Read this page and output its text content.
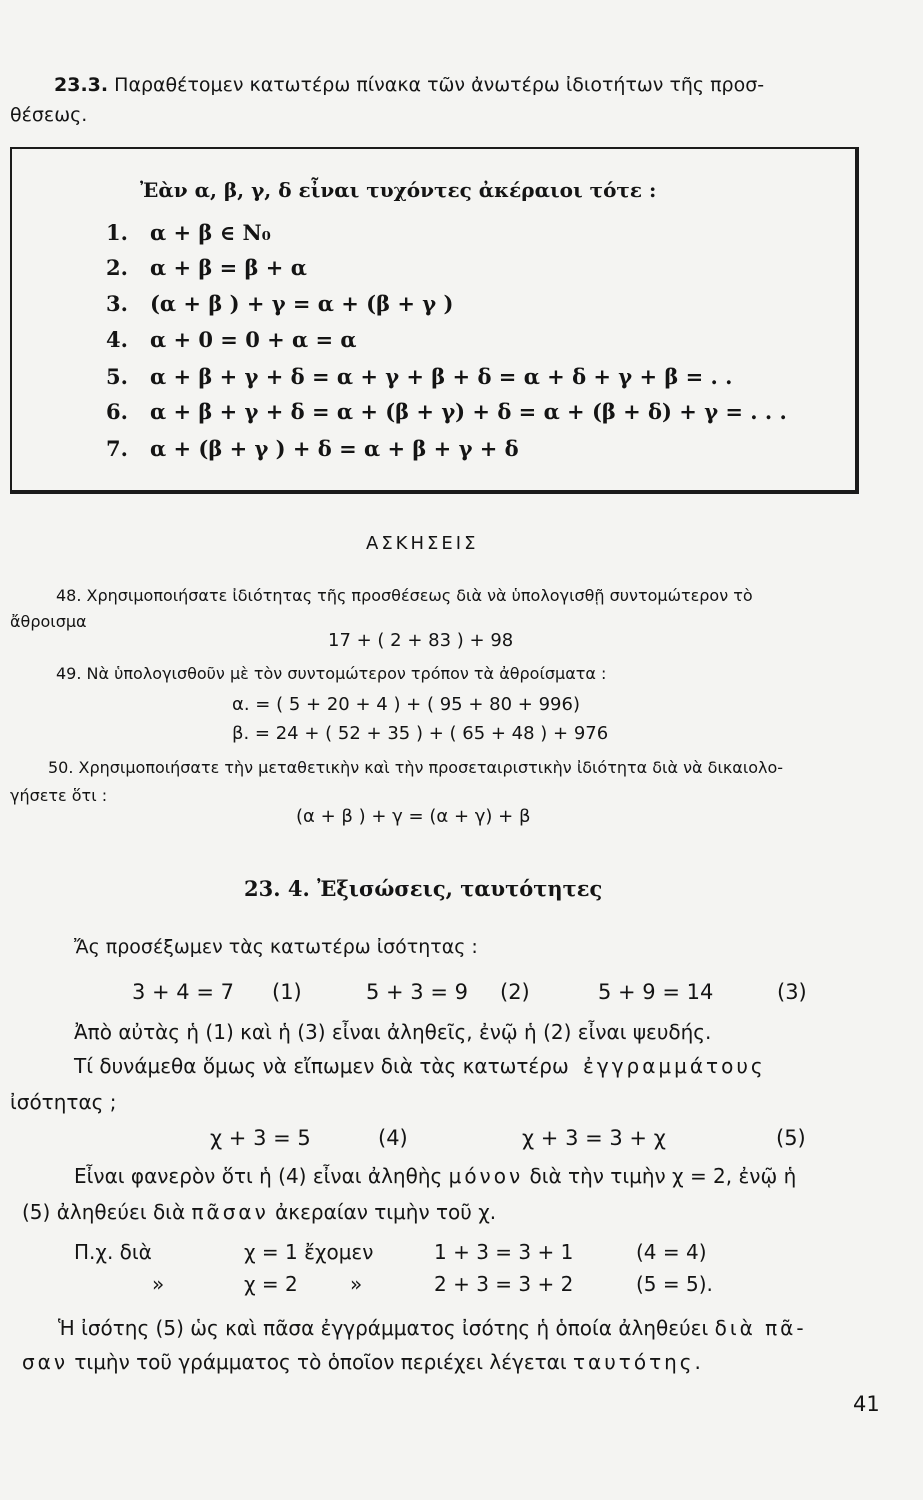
23.3. Παραθέτομεν κατωτέρω πίνακα τῶν ἀνωτέρω ἰδιοτήτων τῆς προσ-
θέσεως.
Ἐὰν α, β, γ, δ εἶναι τυχόντες ἀκέραιοι τότε :
1. α + β ∈ N₀
2. α + β = β + α
3. (α + β ) + γ = α + (β + γ )
4. α + 0 = 0 + α = α
5. α + β + γ + δ = α + γ + β + δ = α + δ + γ + β = . .
6. α + β + γ + δ = α + (β + γ) + δ = α + (β + δ) + γ = . . .
7. α + (β + γ ) + δ = α + β + γ + δ
ΑΣΚΗΣΕΙΣ
48. Χρησιμοποιήσατε ἰδιότητας τῆς προσθέσεως διὰ νὰ ὑπολογισθῇ συντομώτερον τὸ
ἄθροισμα
17 + ( 2 + 83 ) + 98
49. Νὰ ὑπολογισθοῦν μὲ τὸν συντομώτερον τρόπον τὰ ἀθροίσματα :
α. = ( 5 + 20 + 4 ) + ( 95 + 80 + 996)
β. = 24 + ( 52 + 35 ) + ( 65 + 48 ) + 976
50. Χρησιμοποιήσατε τὴν μεταθετικὴν καὶ τὴν προσεταιριστικὴν ἰδιότητα διὰ νὰ δικαιολο-
γήσετε ὅτι :
(α + β ) + γ = (α + γ) + β
23. 4. Ἐξισώσεις, ταυτότητες
Ἄς προσέξωμεν τὰς κατωτέρω ἰσότητας :
3 + 4 = 7 (1)	5 + 3 = 9 (2)	5 + 9 = 14	(3)
Ἀπὸ αὐτὰς ἡ (1) καὶ ἡ (3) εἶναι ἀληθεῖς, ἐνῷ ἡ (2) εἶναι ψευδής.
Τί δυνάμεθα ὅμως νὰ εἴπωμεν διὰ τὰς κατωτέρω ἐγγραμμάτους
ἰσότητας ;
χ + 3 = 5	(4)	χ + 3 = 3 + χ	(5)
Εἶναι φανερὸν ὅτι ἡ (4) εἶναι ἀληθὴς μόνον διὰ τὴν τιμὴν χ = 2, ἐνῷ ἡ
(5) ἀληθεύει διὰ πᾶσαν ἀκεραίαν τιμὴν τοῦ χ.
Π.χ. διὰ	χ = 1 ἔχομεν	1 + 3 = 3 + 1	(4 = 4)
»	χ = 2	»	2 + 3 = 3 + 2	(5 = 5).
Ἡ ἰσότης (5) ὡς καὶ πᾶσα ἐγγράμματος ἰσότης ἡ ὁποία ἀληθεύει διὰ πᾶ-
σαν τιμὴν τοῦ γράμματος τὸ ὁποῖον περιέχει λέγεται ταυτότης.
41
